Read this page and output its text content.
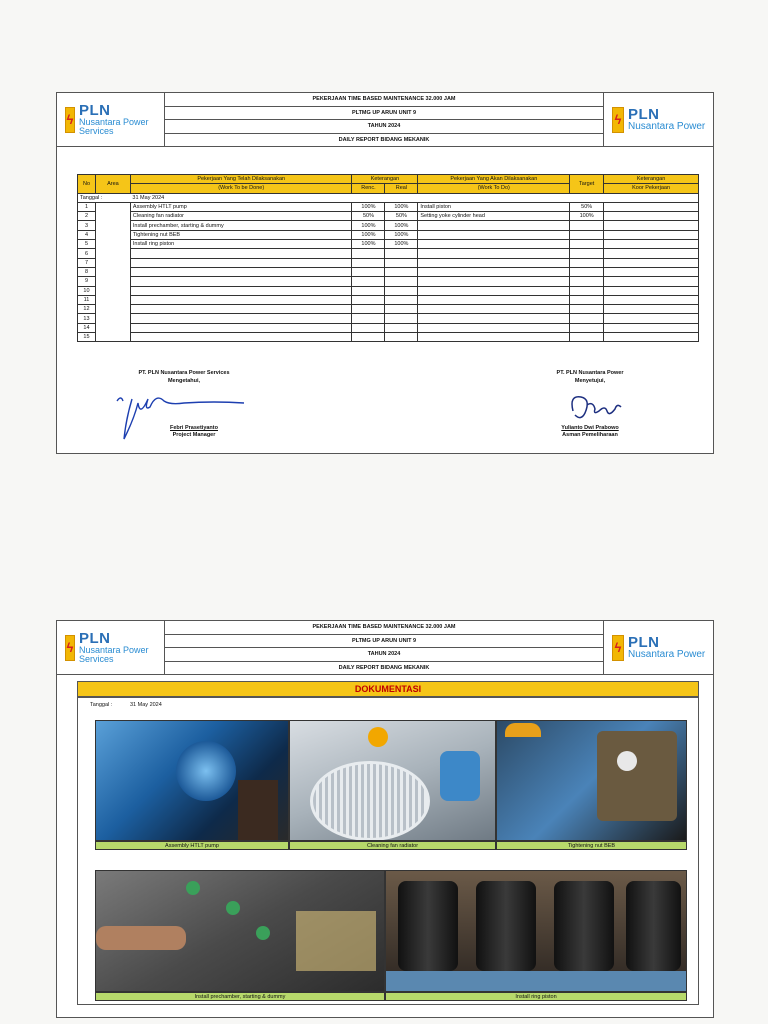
ϟ
PLN
Nusantara Power Services
PEKERJAAN TIME BASED MAINTENANCE 32.000 JAM
PLTMG UP ARUN UNIT 9
TAHUN 2024
DAILY REPORT BIDANG MEKANIK
ϟ PLN
Nusantara Power
No	Area	Pekerjaan Yang Telah Dilaksanakan	Keterangan		Pekerjaan Yang Akan Dilaksanakan	Target	Keterangan
		(Work To be Done)	Renc.	Real	(Work To Do)		Koor Pekerjaan
Tanggal :		31 May 2024					
1		Assembly HTLT pump	100%	100%	Install piston	50%	
2		Cleaning fan radiator	50%	50%	Setting yoke cylinder head	100%	
3		Install prechamber, starting & dummy	100%	100%			
4		Tightening nut BEB	100%	100%			
5		Install ring piston	100%	100%			
6							
7							
8							
9							
10							
11							
12							
13							
14							
15							
PT. PLN Nusantara Power Services
Mengetahui,
Febri Prasetiyanto
Project Manager
PT. PLN Nusantara Power
Menyetujui,
Yulianto Dwi Prabowo
Asman Pemeliharaan
ϟ
PLN
Nusantara Power Services
PEKERJAAN TIME BASED MAINTENANCE 32.000 JAM
PLTMG UP ARUN UNIT 9
TAHUN 2024
DAILY REPORT BIDANG MEKANIK
ϟ PLN
Nusantara Power
DOKUMENTASI
Tanggal :	31 May 2024
Assembly HTLT pump	Cleaning fan radiator	Tightening nut BEB
Install prechamber, starting & dummy	Install ring piston
